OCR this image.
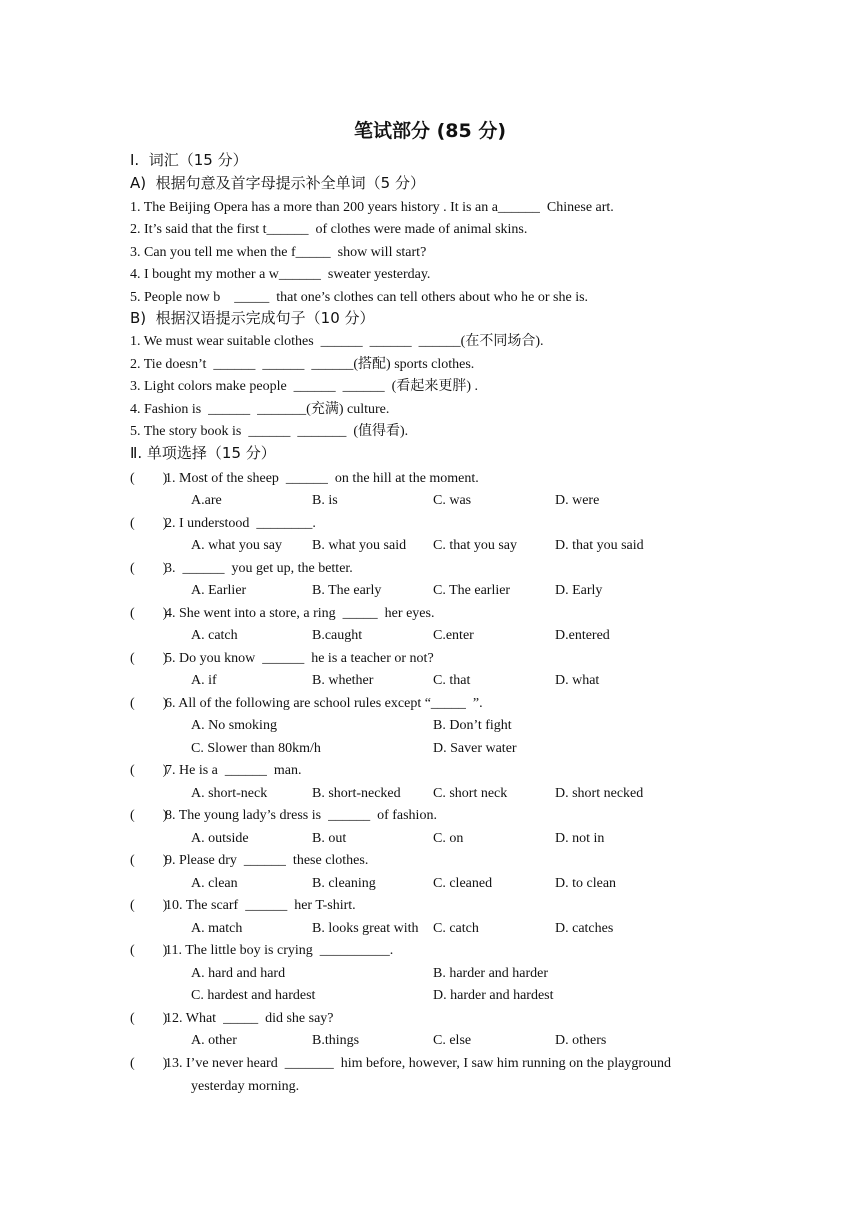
笔试部分 (85 分)
Ⅰ.  词汇（15 分）
A)  根据句意及首字母提示补全单词（5 分）
1. The Beijing Opera has a more than 200 years history . It is an a______  Chinese art.
2. It’s said that the first t______  of clothes were made of animal skins.
3. Can you tell me when the f_____  show will start?
4. I bought my mother a w______  sweater yesterday.
5. People now b    _____  that one’s clothes can tell others about who he or she is.
B)  根据汉语提示完成句子（10 分）
1. We must wear suitable clothes  ______  ______  ______(在不同场合).
2. Tie doesn’t  ______  ______  ______(搭配) sports clothes.
3. Light colors make people  ______  ______  (看起来更胖) .
4. Fashion is  ______  _______(充满) culture.
5. The story book is  ______  _______  (值得看).
Ⅱ. 单项选择（15 分）
(        )
1. Most of the sheep  ______  on the hill at the moment.
A.are	B. is	C. was	D. were
(        )
2. I understood  ________.
A. what you say B. what you said C. that you say	D. that you said
(        )
3.  ______  you get up, the better.
A. Earlier	B. The early	C. The earlier	D. Early
(        )
4. She went into a store, a ring  _____  her eyes.
A. catch	B.caught	C.enter	D.entered
(        )
5. Do you know  ______  he is a teacher or not?
A. if	B. whether	C. that	D. what
(        )
6. All of the following are school rules except “_____  ”.
A. No smoking	B. Don’t fight
C. Slower than 80km/h	D. Saver water
(        )
7. He is a  ______  man.
A. short-neck	B. short-necked C. short neck	D. short necked
(        )
8. The young lady’s dress is  ______  of fashion.
A. outside	B. out	C. on	D. not in
(        )
9. Please dry  ______  these clothes.
A. clean	B. cleaning	C. cleaned	D. to clean
(        )
10. The scarf  ______  her T-shirt.
A. match	B. looks great with C. catch	D. catches
(        )
11. The little boy is crying  __________.
A. hard and hard	B. harder and harder
C. hardest and hardest	D. harder and hardest
(        )
12. What  _____  did she say?
A. other	B.things	C. else	D. others
(        )
13. I’ve never heard  _______  him before, however, I saw him running on the playground
yesterday morning.
